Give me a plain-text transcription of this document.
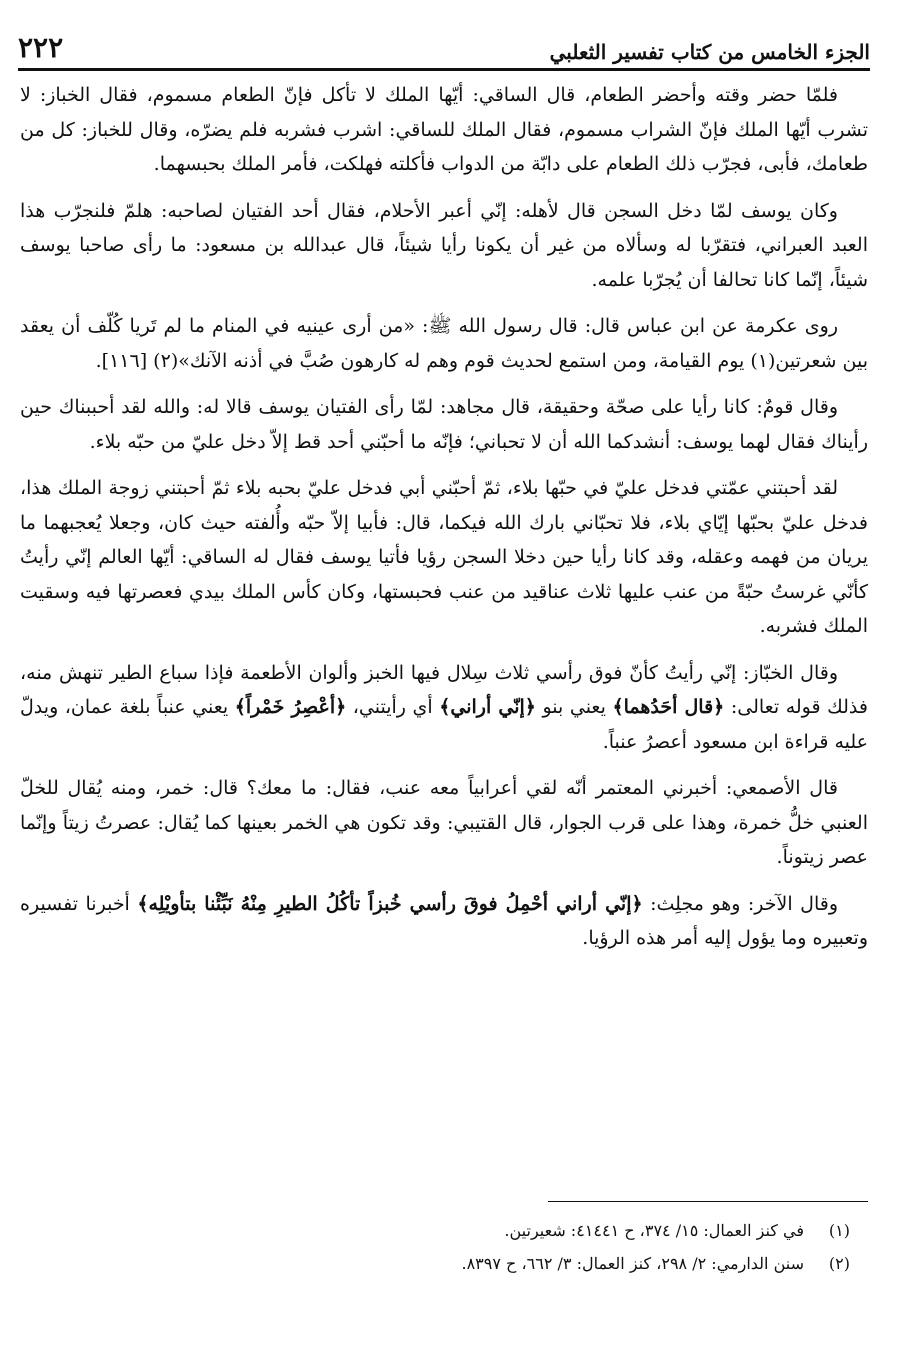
الجزء الخامس من كتاب تفسير الثعلبي
٢٢٢

فلمّا حضر وقته وأحضر الطعام، قال الساقي: أيّها الملك لا تأكل فإنّ الطعام مسموم، فقال الخباز: لا تشرب أيّها الملك فإنّ الشراب مسموم، فقال الملك للساقي: اشرب فشربه فلم يضرّه، وقال للخباز: كل من طعامك، فأبى، فجرّب ذلك الطعام على دابّة من الدواب فأكلته فهلكت، فأمر الملك بحبسهما.

وكان يوسف لمّا دخل السجن قال لأهله: إنّي أعبر الأحلام، فقال أحد الفتيان لصاحبه: هلمّ فلنجرّب هذا العبد العبراني، فتقرّبا له وسألاه من غير أن يكونا رأيا شيئاً، قال عبدالله بن مسعود: ما رأى صاحبا يوسف شيئاً، إنّما كانا تحالفا أن يُجرّبا علمه.

روى عكرمة عن ابن عباس قال: قال رسول الله ﷺ: «من أرى عينيه في المنام ما لم تَريا كُلّف أن يعقد بين شعرتين(١) يوم القيامة، ومن استمع لحديث قوم وهم له كارهون صُبَّ في أذنه الآنك»(٢) [١١٦].

وقال قومٌ: كانا رأيا على صحّة وحقيقة، قال مجاهد: لمّا رأى الفتيان يوسف قالا له: والله لقد أحببناك حين رأيناك فقال لهما يوسف: أنشدكما الله أن لا تحباني؛ فإنّه ما أحبّني أحد قط إلاّ دخل عليّ من حبّه بلاء.

لقد أحبتني عمّتي فدخل عليّ في حبّها بلاء، ثمّ أحبّني أبي فدخل عليّ بحبه بلاء ثمّ أحبتني زوجة الملك هذا، فدخل عليّ بحبّها إيّاي بلاء، فلا تحبّاني بارك الله فيكما، قال: فأبيا إلاّ حبّه وأُلفته حيث كان، وجعلا يُعجبهما ما يريان من فهمه وعقله، وقد كانا رأيا حين دخلا السجن رؤيا فأتيا يوسف فقال له الساقي: أيّها العالم إنّي رأيتُ كأنّي غرستُ حبّةً من عنب عليها ثلاث عناقيد من عنب فحبستها، وكان كأس الملك بيدي فعصرتها فيه وسقيت الملك فشربه.

وقال الخبّاز: إنّي رأيتُ كأنّ فوق رأسي ثلاث سِلال فيها الخبز وألوان الأطعمة فإذا سباع الطير تنهش منه، فذلك قوله تعالى: ﴿قال أحَدُهما﴾ يعني بنو ﴿إنّي أراني﴾ أي رأيتني، ﴿أعْصِرُ خَمْراً﴾ يعني عنباً بلغة عمان، ويدلّ عليه قراءة ابن مسعود أعصرُ عنباً.

قال الأصمعي: أخبرني المعتمر أنّه لقي أعرابياً معه عنب، فقال: ما معك؟ قال: خمر، ومنه يُقال للخلّ العنبي خلُّ خمرة، وهذا على قرب الجوار، قال القتيبي: وقد تكون هي الخمر بعينها كما يُقال: عصرتُ زيتاً وإنّما عصر زيتوناً.

وقال الآخر: وهو مجلِث: ﴿إنّي أراني أحْمِلُ فوقَ رأسي خُبزاً تأكُلُ الطيرِ مِنْهُ نَبِّئْنا بتأويْلِه﴾ أخبرنا تفسيره وتعبيره وما يؤول إليه أمر هذه الرؤيا.

(١)
في كنز العمال: ١٥/ ٣٧٤، ح ٤١٤٤١: شعيرتين.
(٢)
سنن الدارمي: ٢/ ٢٩٨، كنز العمال: ٣/ ٦٦٢، ح ٨٣٩٧.
